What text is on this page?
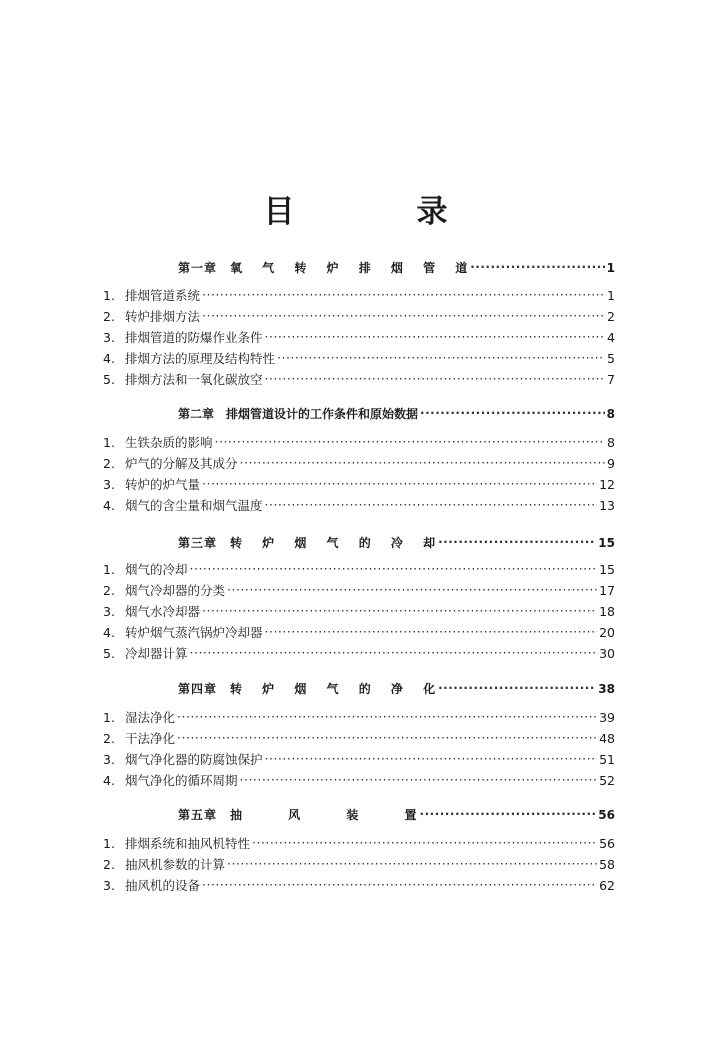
目	录
第一章　氧 气 转 炉 排 烟 管 道 ·····	1
1. 排烟管道系统 ·····	1
2. 转炉排烟方法 ·····	2
3. 排烟管道的防爆作业条件 ·····	4
4. 排烟方法的原理及结构特性 ·····	5
5. 排烟方法和一氧化碳放空 ·····	7
第二章　排烟管道设计的工作条件和原始数据 ·····	8
1. 生铁杂质的影响 ·····	8
2. 炉气的分解及其成分 ·····	9
3. 转炉的炉气量 ·····	12
4. 烟气的含尘量和烟气温度 ·····	13
第三章　转 炉 烟 气 的 冷 却 ·····	15
1. 烟气的冷却 ·····	15
2. 烟气冷却器的分类 ·····	17
3. 烟气水冷却器 ·····	18
4. 转炉烟气蒸汽锅炉冷却器 ·····	20
5. 冷却器计算 ·····	30
第四章　转 炉 烟 气 的 净 化 ·····	38
1. 湿法净化 ·····	39
2. 干法净化 ·····	48
3. 烟气净化器的防腐蚀保护 ·····	51
4. 烟气净化的循环周期 ·····	52
第五章　抽 风 装 置 ·····	56
1. 排烟系统和抽风机特性 ·····	56
2. 抽风机参数的计算 ·····	58
3. 抽风机的设备 ·····	62
